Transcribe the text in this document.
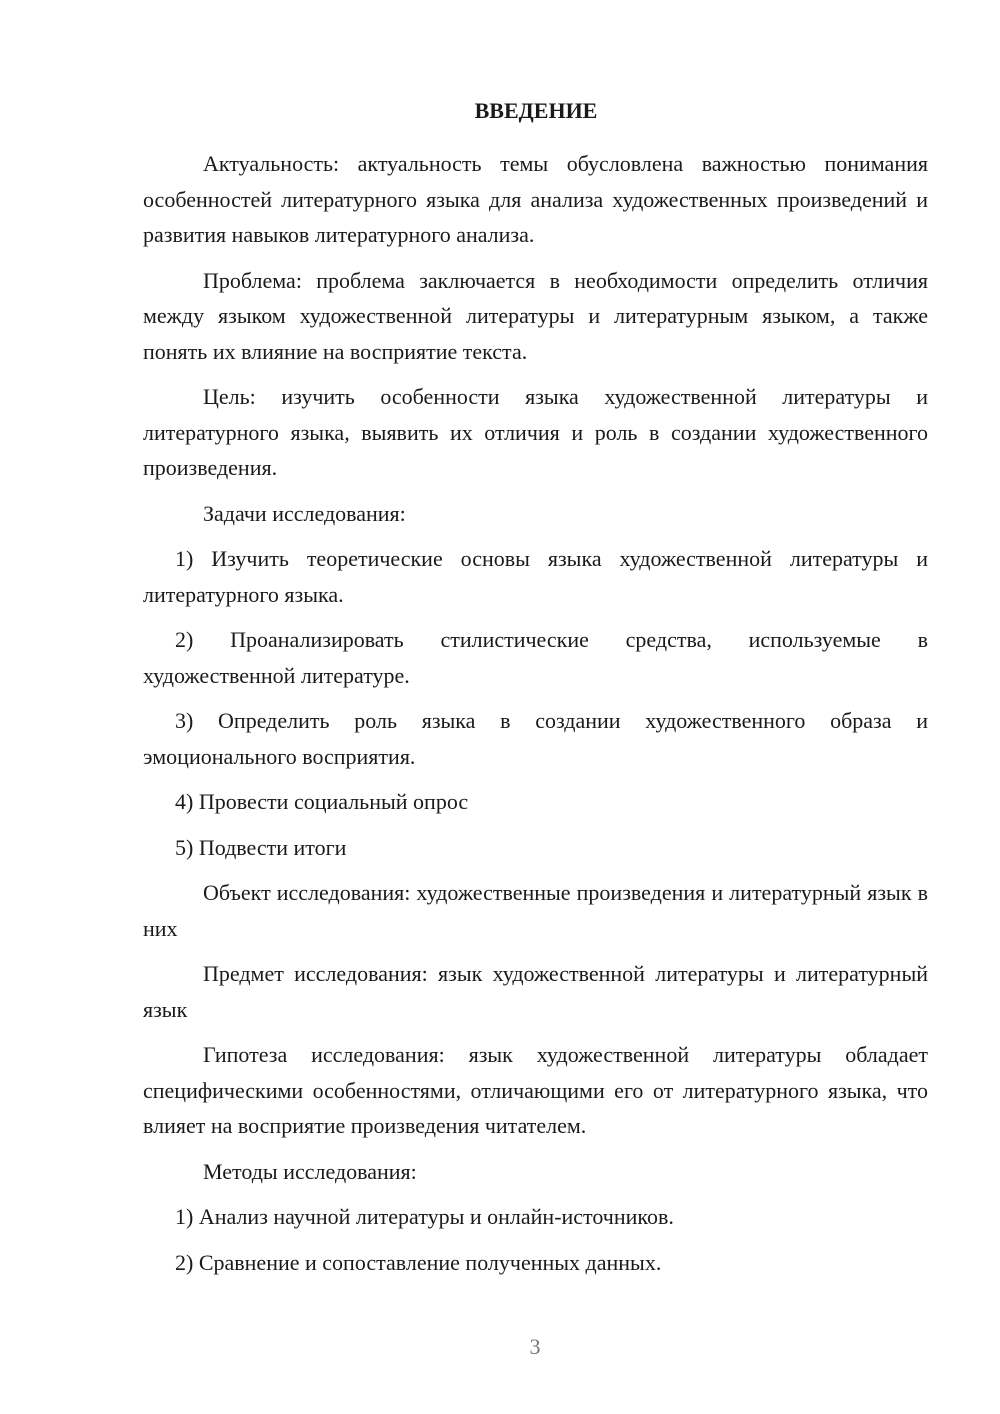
ВВЕДЕНИЕ

Актуальность: актуальность темы обусловлена важностью понимания особенностей литературного языка для анализа художественных произведений и развития навыков литературного анализа.

Проблема: проблема заключается в необходимости определить отличия между языком художественной литературы и литературным языком, а также понять их влияние на восприятие текста.

Цель: изучить особенности языка художественной литературы и литературного языка, выявить их отличия и роль в создании художественного произведения.

Задачи исследования:

1) Изучить теоретические основы языка художественной литературы и литературного языка.

2) Проанализировать стилистические средства, используемые в художественной литературе.

3) Определить роль языка в создании художественного образа и эмоционального восприятия.

4) Провести социальный опрос

5) Подвести итоги

Объект исследования: художественные произведения и литературный язык в них

Предмет исследования: язык художественной литературы и литературный язык

Гипотеза исследования: язык художественной литературы обладает специфическими особенностями, отличающими его от литературного языка, что влияет на восприятие произведения читателем.

Методы исследования:

1) Анализ научной литературы и онлайн-источников.

2) Сравнение и сопоставление полученных данных.

3
